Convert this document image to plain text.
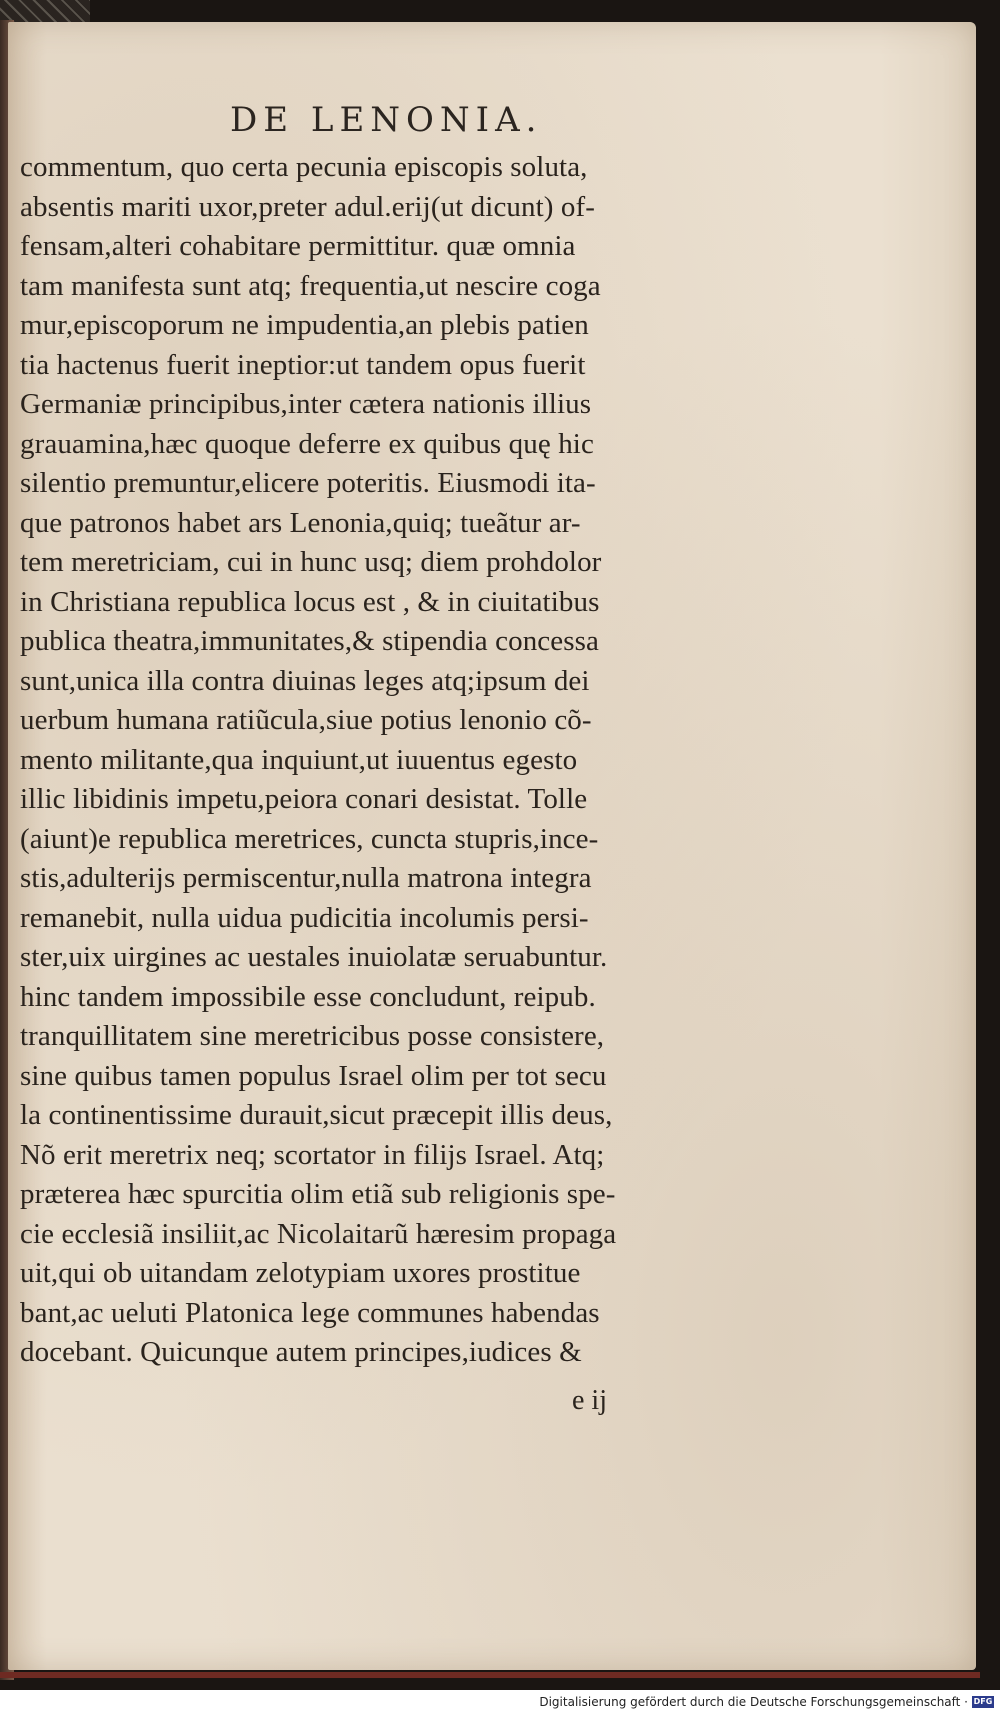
DE LENONIA.
commentum, quo certa pecunia episcopis soluta,
absentis mariti uxor,preter adul.erij(ut dicunt) of-
fensam,alteri cohabitare permittitur. quæ omnia
tam manifesta sunt atq; frequentia,ut nescire coga
mur,episcoporum ne impudentia,an plebis patien
tia hactenus fuerit ineptior:ut tandem opus fuerit
Germaniæ principibus,inter cætera nationis illius
grauamina,hæc quoque deferre ex quibus quę hic
silentio premuntur,elicere poteritis. Eiusmodi ita-
que patronos habet ars Lenonia,quiq; tueãtur ar-
tem meretriciam, cui in hunc usq; diem prohdolor
in Christiana republica locus est , & in ciuitatibus
publica theatra,immunitates,& stipendia concessa
sunt,unica illa contra diuinas leges atq;ipsum dei
uerbum humana ratiũcula,siue potius lenonio cõ-
mento militante,qua inquiunt,ut iuuentus egesto
illic libidinis impetu,peiora conari desistat. Tolle
(aiunt)e republica meretrices, cuncta stupris,ince-
stis,adulterijs permiscentur,nulla matrona integra
remanebit, nulla uidua pudicitia incolumis persi-
ster,uix uirgines ac uestales inuiolatæ seruabuntur.
hinc tandem impossibile esse concludunt, reipub.
tranquillitatem sine meretricibus posse consistere,
sine quibus tamen populus Israel olim per tot secu
la continentissime durauit,sicut præcepit illis deus,
Nõ erit meretrix neq; scortator in filijs Israel. Atq;
præterea hæc spurcitia olim etiã sub religionis spe-
cie ecclesiã insiliit,ac Nicolaitarũ hæresim propaga
uit,qui ob uitandam zelotypiam uxores prostitue
bant,ac ueluti Platonica lege communes habendas
docebant. Quicunque autem principes,iudices &
e ij
Digitalisierung gefördert durch die Deutsche Forschungsgemeinschaft · DFG
